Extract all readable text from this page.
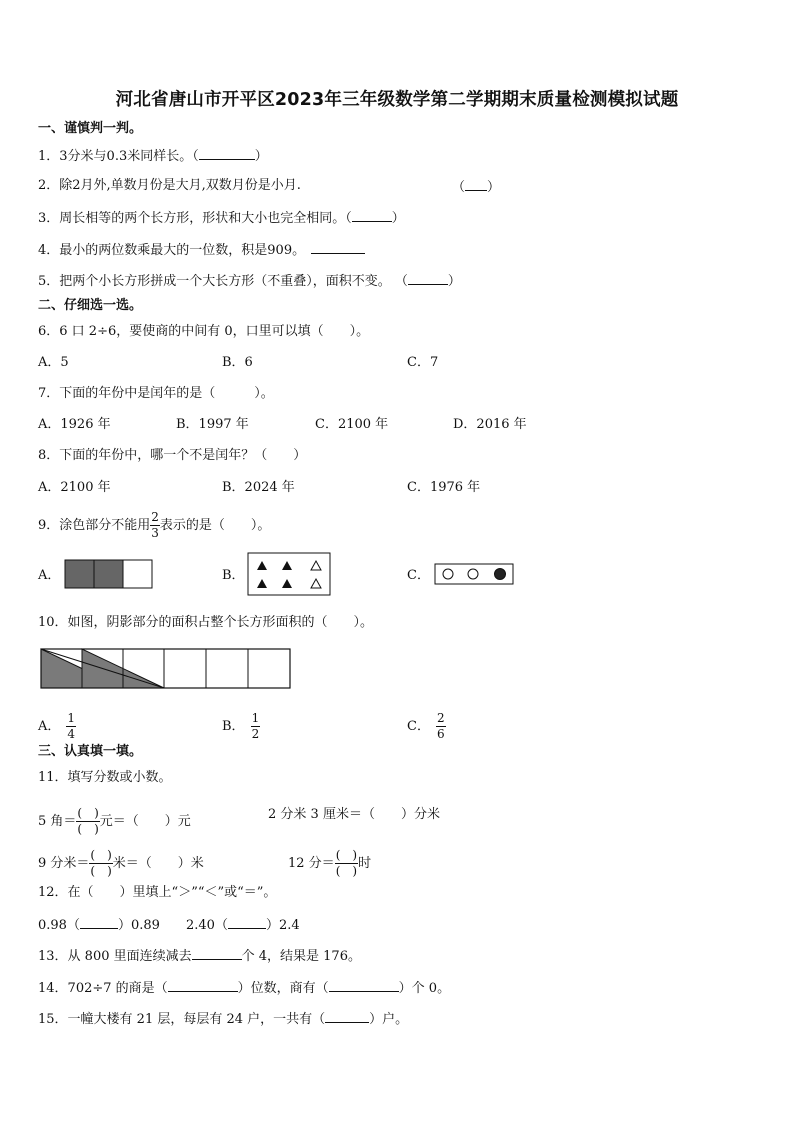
河北省唐山市开平区2023年三年级数学第二学期期末质量检测模拟试题
一、谨慎判一判。
1．3分米与0.3米同样长。（	）
2．除2月外,单数月份是大月,双数月份是小月.	（ ）
3．周长相等的两个长方形，形状和大小也完全相同。（	）
4．最小的两位数乘最大的一位数，积是909。
5．把两个小长方形拼成一个大长方形（不重叠），面积不变。 （	）
二、仔细选一选。
6．6 口 2÷6，要使商的中间有 0，口里可以填（　　）。
A．5	B．6	C．7
7．下面的年份中是闰年的是（　　　）。
A．1926 年	B．1997 年	C．2100 年	D．2016 年
8．下面的年份中，哪一个不是闰年？（　　）
A．2100 年	B．2024 年	C．1976 年
9．涂色部分不能用 $\frac{2}{3}$ 表示的是（　　）。
A．	B．	C．
10．如图，阴影部分的面积占整个长方形面积的（　　）。
A． $\frac{1}{4}$	B． $\frac{1}{2}$	C． $\frac{2}{6}$
三、认真填一填。
11．填写分数或小数。
5 角＝ $\frac{( )}{( )}$ 元＝（　　）元	2 分米 3 厘米＝（　　）分米
9 分米＝ $\frac{( )}{( )}$ 米＝（　　）米	12 分＝ $\frac{( )}{( )}$ 时
12．在（　　）里填上“＞”“＜”或“＝”。
0.98（	）0.89 2.40（	）2.4
13．从 800 里面连续减去	个 4，结果是 176。
14．702÷7 的商是（	）位数，商有（	）个 0。
15．一幢大楼有 21 层，每层有 24 户，一共有（	）户。
